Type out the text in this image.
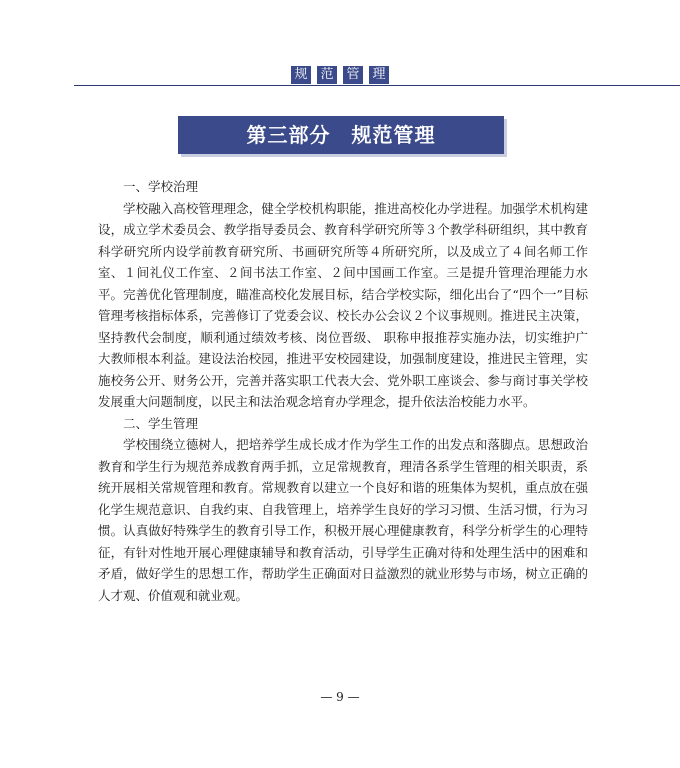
规 范 管 理
第三部分　规范管理
一、学校治理

学校融入高校管理理念，健全学校机构职能，推进高校化办学进程。加强学术机构建设，成立学术委员会、教学指导委员会、教育科学研究所等３个教学科研组织，其中教育科学研究所内设学前教育研究所、书画研究所等４所研究所，以及成立了４间名师工作室、１间礼仪工作室、２间书法工作室、２间中国画工作室。三是提升管理治理能力水平。完善优化管理制度，瞄准高校化发展目标，结合学校实际，细化出台了“四个一”目标管理考核指标体系，完善修订了党委会议、校长办公会议２个议事规则。推进民主决策，坚持教代会制度，顺利通过绩效考核、岗位晋级、 职称申报推荐实施办法，切实维护广大教师根本利益。建设法治校园，推进平安校园建设，加强制度建设，推进民主管理，实施校务公开、财务公开，完善并落实职工代表大会、党外职工座谈会、参与商讨事关学校发展重大问题制度，以民主和法治观念培育办学理念，提升依法治校能力水平。

二、学生管理

学校围绕立德树人，把培养学生成长成才作为学生工作的出发点和落脚点。思想政治教育和学生行为规范养成教育两手抓，立足常规教育，理清各系学生管理的相关职责，系统开展相关常规管理和教育。常规教育以建立一个良好和谐的班集体为契机，重点放在强化学生规范意识、自我约束、自我管理上，培养学生良好的学习习惯、生活习惯，行为习惯。认真做好特殊学生的教育引导工作，积极开展心理健康教育，科学分析学生的心理特征，有针对性地开展心理健康辅导和教育活动，引导学生正确对待和处理生活中的困难和矛盾，做好学生的思想工作，帮助学生正确面对日益激烈的就业形势与市场，树立正确的人才观、价值观和就业观。

— 9 —
